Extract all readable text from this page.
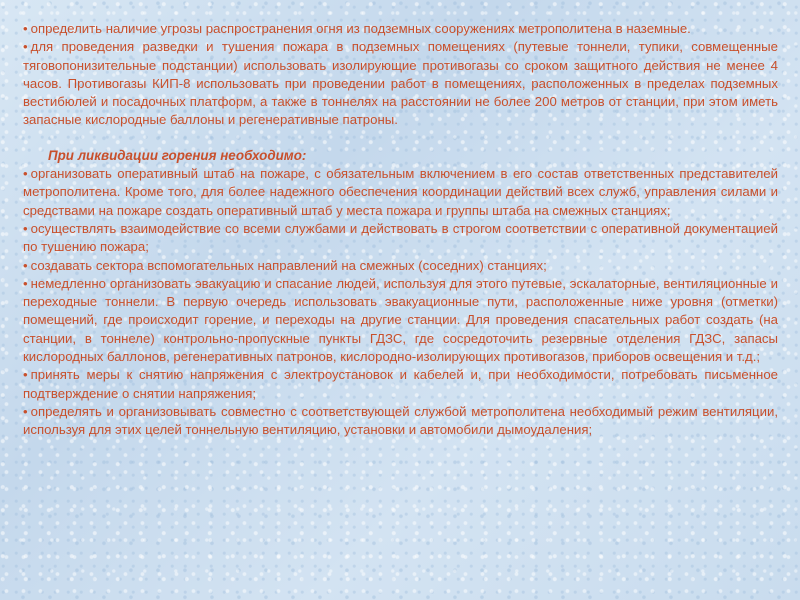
• определить наличие угрозы распространения огня из подземных сооружениях метрополитена в наземные.

• для проведения разведки и тушения пожара в подземных помещениях (путевые тоннели, тупики, совмещенные тяговопонизительные подстанции) использовать изолирующие противогазы со сроком защитного действия не менее 4 часов. Противогазы КИП-8 использовать при проведении работ в помещениях, расположенных в пределах подземных вестибюлей и посадочных платформ, а также в тоннелях на расстоянии не более 200 метров от станции, при этом иметь запасные кислородные баллоны и регенеративные патроны.

При ликвидации горения необходимо:

• организовать оперативный штаб на пожаре, с обязательным включением в его состав ответственных представителей метрополитена. Кроме того, для более надежного обеспечения координации действий всех служб, управления силами и средствами на пожаре создать оперативный штаб у места пожара и группы штаба на смежных станциях;

• осуществлять взаимодействие со всеми службами и действовать в строгом соответствии с оперативной документацией по тушению пожара;

• создавать сектора вспомогательных направлений на смежных (соседних) станциях;

• немедленно организовать эвакуацию и спасание людей, используя для этого путевые, эскалаторные, вентиляционные и переходные тоннели. В первую очередь использовать эвакуационные пути, расположенные ниже уровня (отметки) помещений, где происходит горение, и переходы на другие станции. Для проведения спасательных работ создать (на станции, в тоннеле) контрольно-пропускные пункты ГДЗС, где сосредоточить резервные отделения ГДЗС, запасы кислородных баллонов, регенеративных патронов, кислородно-изолирующих противогазов, приборов освещения и т.д.;

• принять меры к снятию напряжения с электроустановок и кабелей и, при необходимости, потребовать письменное подтверждение о снятии напряжения;

• определять и организовывать совместно с соответствующей службой метрополитена необходимый режим вентиляции, используя для этих целей тоннельную вентиляцию, установки и автомобили дымоудаления;
